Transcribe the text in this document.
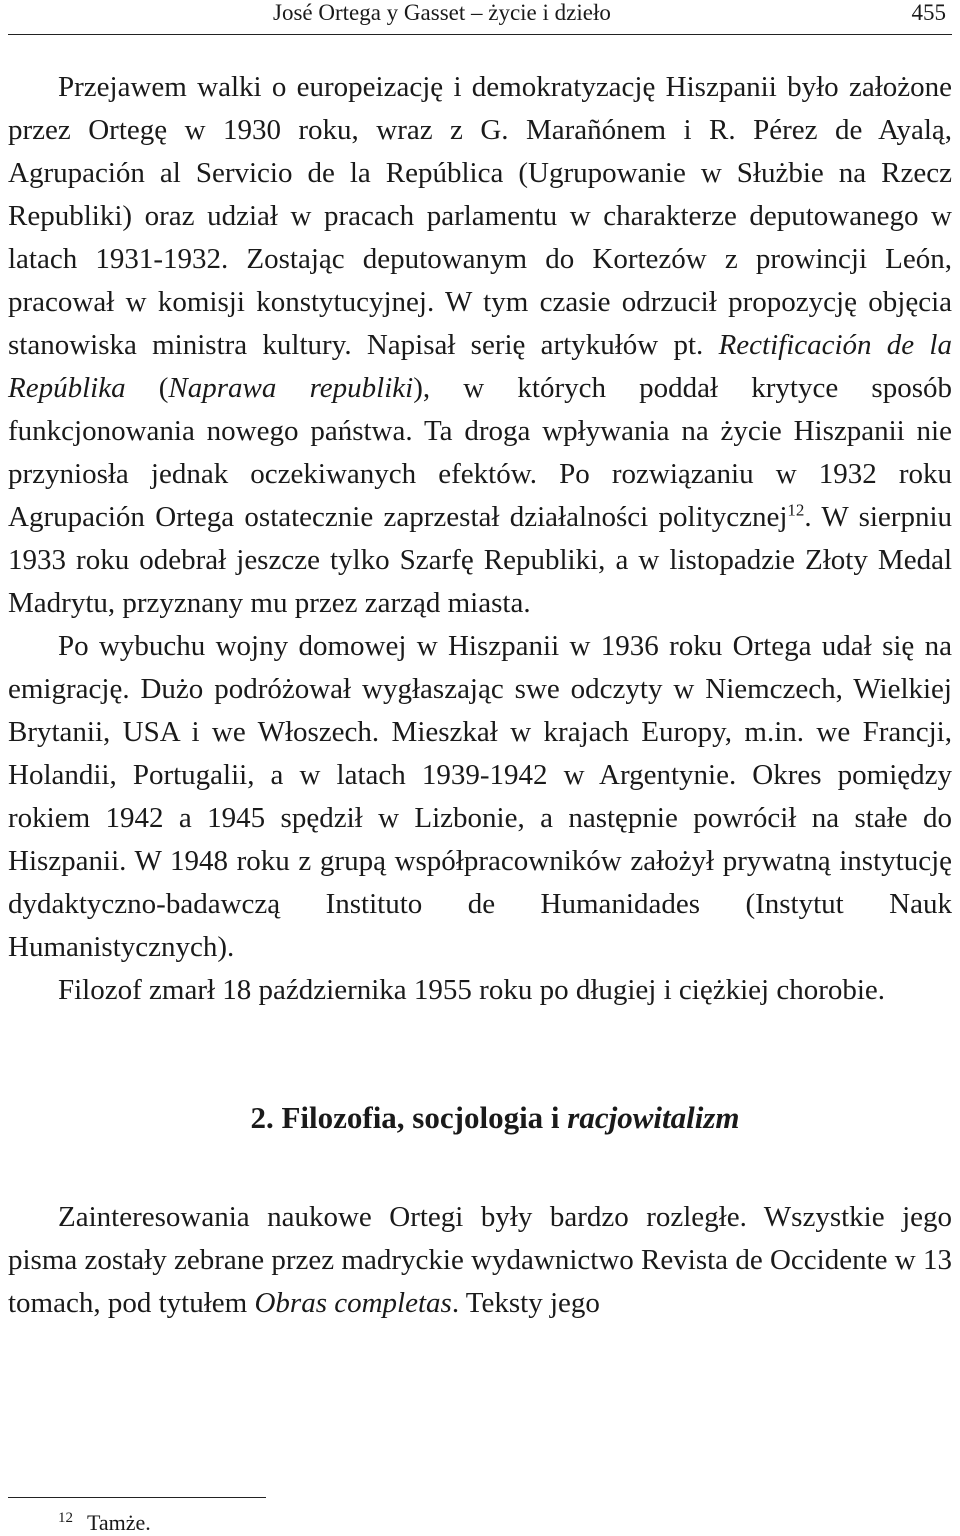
José Ortega y Gasset – życie i dzieło	455

Przejawem walki o europeizację i demokratyzację Hiszpanii było założone przez Ortegę w 1930 roku, wraz z G. Marañónem i R. Pérez de Ayalą, Agrupación al Servicio de la República (Ugrupowanie w Służbie na Rzecz Republiki) oraz udział w pracach parlamentu w charakterze deputowanego w latach 1931-1932. Zostając deputowanym do Kortezów z prowincji León, pracował w komisji konstytucyjnej. W tym czasie odrzucił propozycję objęcia stanowiska ministra kultury. Napisał serię artykułów pt. Rectificación de la Repúblika (Naprawa republiki), w których poddał krytyce sposób funkcjonowania nowego państwa. Ta droga wpływania na życie Hiszpanii nie przyniosła jednak oczekiwanych efektów. Po rozwiązaniu w 1932 roku Agrupación Ortega ostatecznie zaprzestał działalności politycznej$^{12}$. W sierpniu 1933 roku odebrał jeszcze tylko Szarfę Republiki, a w listopadzie Złoty Medal Madrytu, przyznany mu przez zarząd miasta.

Po wybuchu wojny domowej w Hiszpanii w 1936 roku Ortega udał się na emigrację. Dużo podróżował wygłaszając swe odczyty w Niemczech, Wielkiej Brytanii, USA i we Włoszech. Mieszkał w krajach Europy, m.in. we Francji, Holandii, Portugalii, a w latach 1939-1942 w Argentynie. Okres pomiędzy rokiem 1942 a 1945 spędził w Lizbonie, a następnie powrócił na stałe do Hiszpanii. W 1948 roku z grupą współpracowników założył prywatną instytucję dydaktyczno-badawczą Instituto de Humanidades (Instytut Nauk Humanistycznych).

Filozof zmarł 18 października 1955 roku po długiej i ciężkiej chorobie.

2. Filozofia, socjologia i racjowitalizm

Zainteresowania naukowe Ortegi były bardzo rozległe. Wszystkie jego pisma zostały zebrane przez madryckie wydawnictwo Revista de Occidente w 13 tomach, pod tytułem Obras completas. Teksty jego

$^{12}$ Tamże.
